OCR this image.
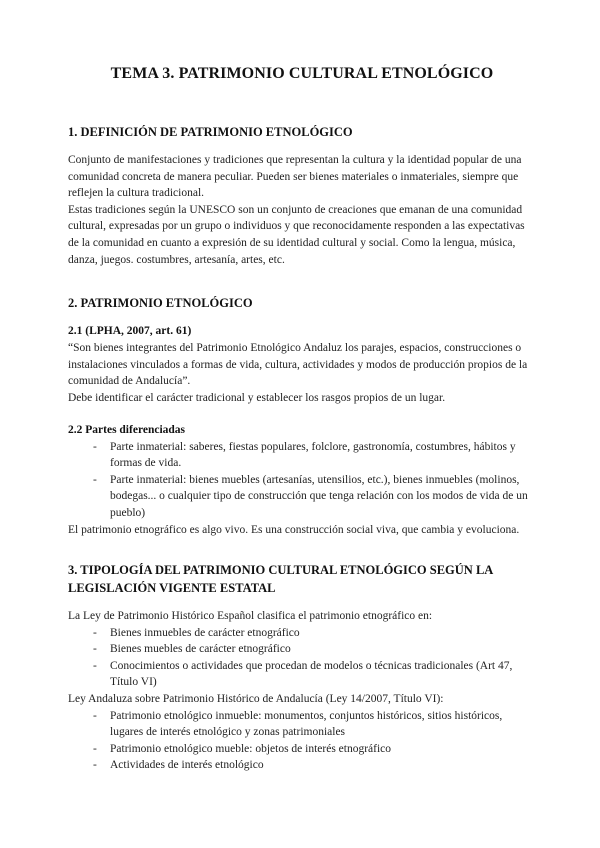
TEMA 3. PATRIMONIO CULTURAL ETNOLÓGICO
1. DEFINICIÓN DE PATRIMONIO ETNOLÓGICO

Conjunto de manifestaciones y tradiciones que representan la cultura y la identidad popular de una comunidad concreta de manera peculiar. Pueden ser bienes materiales o inmateriales, siempre que reflejen la cultura tradicional.

Estas tradiciones según la UNESCO son un conjunto de creaciones que emanan de una comunidad cultural, expresadas por un grupo o individuos y que reconocidamente responden a las expectativas de la comunidad en cuanto a expresión de su identidad cultural y social. Como la lengua, música, danza, juegos. costumbres, artesanía, artes, etc.

2. PATRIMONIO ETNOLÓGICO
2.1 (LPHA, 2007, art. 61)

“Son bienes integrantes del Patrimonio Etnológico Andaluz los parajes, espacios, construcciones o instalaciones vinculados a formas de vida, cultura, actividades y modos de producción propios de la comunidad de Andalucía”.

Debe identificar el carácter tradicional y establecer los rasgos propios de un lugar.

2.2 Partes diferenciadas
-	Parte inmaterial: saberes, fiestas populares, folclore, gastronomía, costumbres, hábitos y formas de vida.
-	Parte inmaterial: bienes muebles (artesanías, utensilios, etc.), bienes inmuebles (molinos, bodegas... o cualquier tipo de construcción que tenga relación con los modos de vida de un pueblo)

El patrimonio etnográfico es algo vivo. Es una construcción social viva, que cambia y evoluciona.

3. TIPOLOGÍA DEL PATRIMONIO CULTURAL ETNOLÓGICO SEGÚN LA LEGISLACIÓN VIGENTE ESTATAL

La Ley de Patrimonio Histórico Español clasifica el patrimonio etnográfico en:

-	Bienes inmuebles de carácter etnográfico
-	Bienes muebles de carácter etnográfico
-	Conocimientos o actividades que procedan de modelos o técnicas tradicionales (Art 47, Título VI)

Ley Andaluza sobre Patrimonio Histórico de Andalucía (Ley 14/2007, Título VI):

-	Patrimonio etnológico inmueble: monumentos, conjuntos históricos, sitios históricos, lugares de interés etnológico y zonas patrimoniales
-	Patrimonio etnológico mueble: objetos de interés etnográfico
-	Actividades de interés etnológico
